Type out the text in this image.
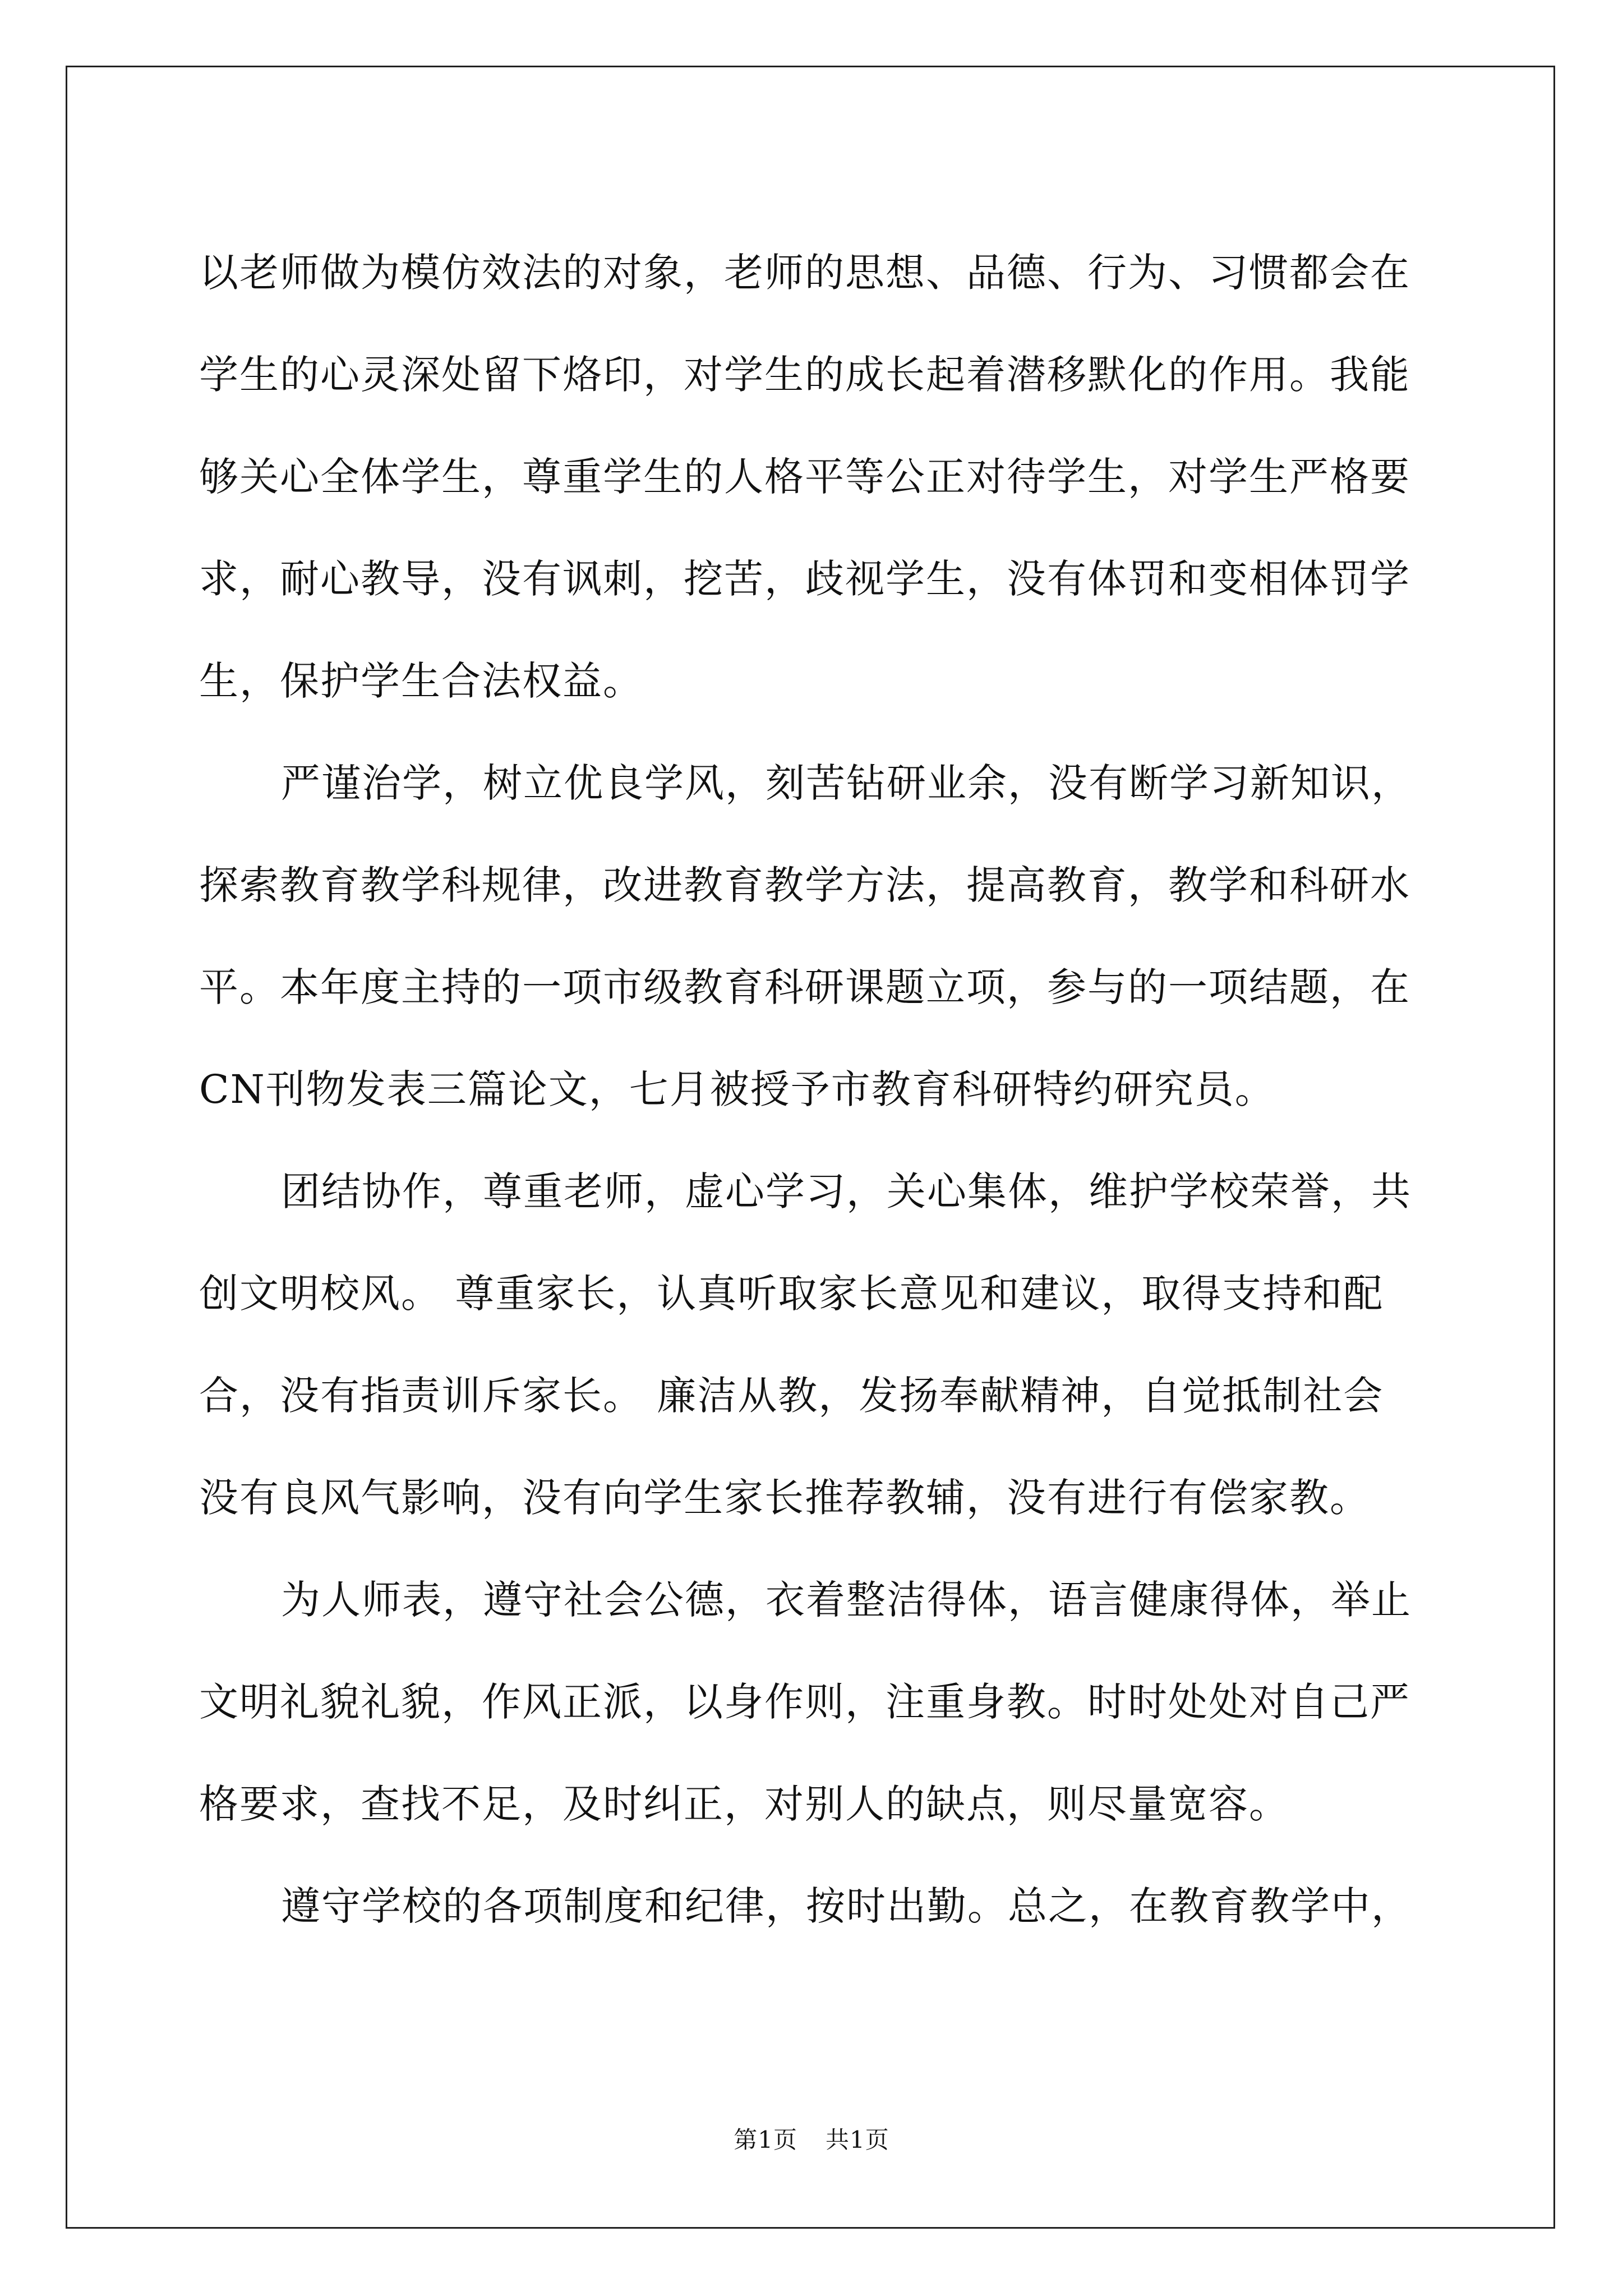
以老师做为模仿效法的对象，老师的思想、品德、行为、习惯都会在
学生的心灵深处留下烙印，对学生的成长起着潜移默化的作用。我能
够关心全体学生，尊重学生的人格平等公正对待学生，对学生严格要
求，耐心教导，没有讽刺，挖苦，歧视学生，没有体罚和变相体罚学
生，保护学生合法权益。
严谨治学，树立优良学风，刻苦钻研业余，没有断学习新知识，
探索教育教学科规律，改进教育教学方法，提高教育，教学和科研水
平。本年度主持的一项市级教育科研课题立项，参与的一项结题，在
CN刊物发表三篇论文，七月被授予市教育科研特约研究员。
团结协作，尊重老师，虚心学习，关心集体，维护学校荣誉，共
创文明校风。 尊重家长，认真听取家长意见和建议，取得支持和配
合，没有指责训斥家长。 廉洁从教，发扬奉献精神，自觉抵制社会
没有良风气影响，没有向学生家长推荐教辅，没有进行有偿家教。
为人师表，遵守社会公德，衣着整洁得体，语言健康得体，举止
文明礼貌礼貌，作风正派，以身作则，注重身教。时时处处对自己严
格要求，查找不足，及时纠正，对别人的缺点，则尽量宽容。
遵守学校的各项制度和纪律，按时出勤。总之，在教育教学中，
第1页 共1页
